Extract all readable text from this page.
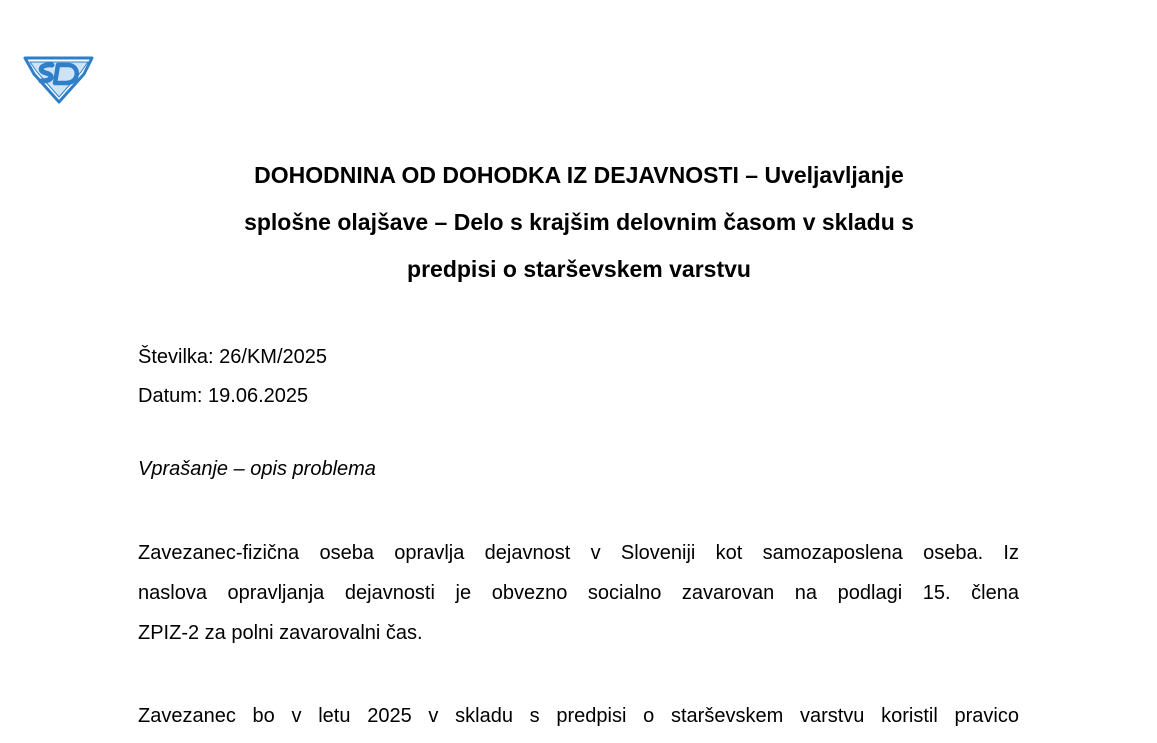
DOHODNINA OD DOHODKA IZ DEJAVNOSTI – Uveljavljanje
splošne olajšave – Delo s krajšim delovnim časom v skladu s
predpisi o starševskem varstvu
Številka: 26/KM/2025
Datum: 19.06.2025
Vprašanje – opis problema
Zavezanec-fizična oseba opravlja dejavnost v Sloveniji kot samozaposlena oseba. Iz
naslova opravljanja dejavnosti je obvezno socialno zavarovan na podlagi 15. člena
ZPIZ-2 za polni zavarovalni čas.
Zavezanec bo v letu 2025 v skladu s predpisi o starševskem varstvu koristil pravico
